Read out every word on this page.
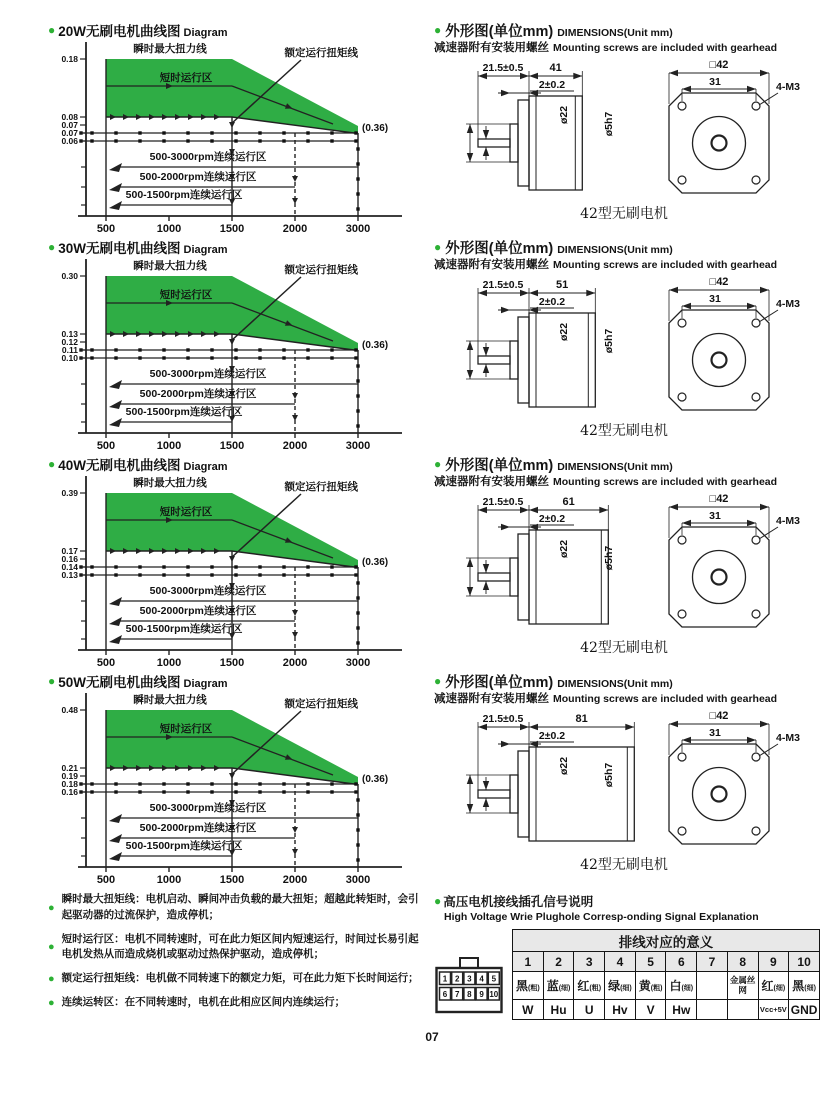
● 20W无刷电机曲线图 Diagram
短时运行区
瞬时最大扭力线	额定运行扭矩线
500-3000rpm连续运行区
500-2000rpm连续运行区
500-1500rpm连续运行区
0.18
0.08
0.07
0.07
0.06
500	1000	1500	2000	3000
(0.36)
● 外形图(单位mm) DIMENSIONS(Unit mm)
减速器附有安装用螺丝 Mounting screws are included with gearhead
21.5±0.5 41
2±0.2
ø22	ø5h7
□42
31	4-M3
42型无刷电机
● 30W无刷电机曲线图 Diagram
短时运行区
瞬时最大扭力线	额定运行扭矩线
500-3000rpm连续运行区
500-2000rpm连续运行区
500-1500rpm连续运行区
0.30
0.13
0.12
0.11
0.10
500	1000	1500	2000	3000
(0.36)
● 外形图(单位mm) DIMENSIONS(Unit mm)
减速器附有安装用螺丝 Mounting screws are included with gearhead
21.5±0.5	51
2±0.2
ø22	ø5h7
□42
31	4-M3
42型无刷电机
● 40W无刷电机曲线图 Diagram
短时运行区
瞬时最大扭力线	额定运行扭矩线
500-3000rpm连续运行区
500-2000rpm连续运行区
500-1500rpm连续运行区
0.39
0.17
0.16
0.14
0.13
500	1000	1500	2000	3000
(0.36)
● 外形图(单位mm) DIMENSIONS(Unit mm)
减速器附有安装用螺丝 Mounting screws are included with gearhead
21.5±0.5	61
2±0.2
ø22	ø5h7
□42
31	4-M3
42型无刷电机
● 50W无刷电机曲线图 Diagram
短时运行区
瞬时最大扭力线	额定运行扭矩线
500-3000rpm连续运行区
500-2000rpm连续运行区
500-1500rpm连续运行区
0.48
0.21
0.19
0.18
0.16
500	1000	1500	2000	3000
(0.36)
● 外形图(单位mm) DIMENSIONS(Unit mm)
减速器附有安装用螺丝 Mounting screws are included with gearhead
21.5±0.5	81
2±0.2
ø22	ø5h7
□42
31	4-M3
42型无刷电机
●
瞬时最大扭矩线：电机启动、瞬间冲击负载的最大扭矩；超越此转矩时，会引起驱动器的过流保护，造成停机；
●
短时运行区：电机不同转速时，可在此力矩区间内短速运行，时间过长易引起电机发热从而造成烧机或驱动过热保护驱动，造成停机；
● 额定运行扭矩线：电机做不同转速下的额定力矩，可在此力矩下长时间运行；
● 连续运转区：在不同转速时，电机在此相应区间内连续运行；
● 高压电机接线插孔信号说明
High Voltage Wrie Plughole Corresp-onding Signal Explanation
1 2 3 4 5
6 7 8 9 10
排线对应的意义									
1	2	3	4	5	6	7	8	9	10
黑(粗)	蓝(细)	红(粗)	绿(细)	黄(粗)	白(细)		金属丝网	红(细)	黑(细)
W	Hu	U	Hv	V	Hw			Vcc+5V	GND
07
